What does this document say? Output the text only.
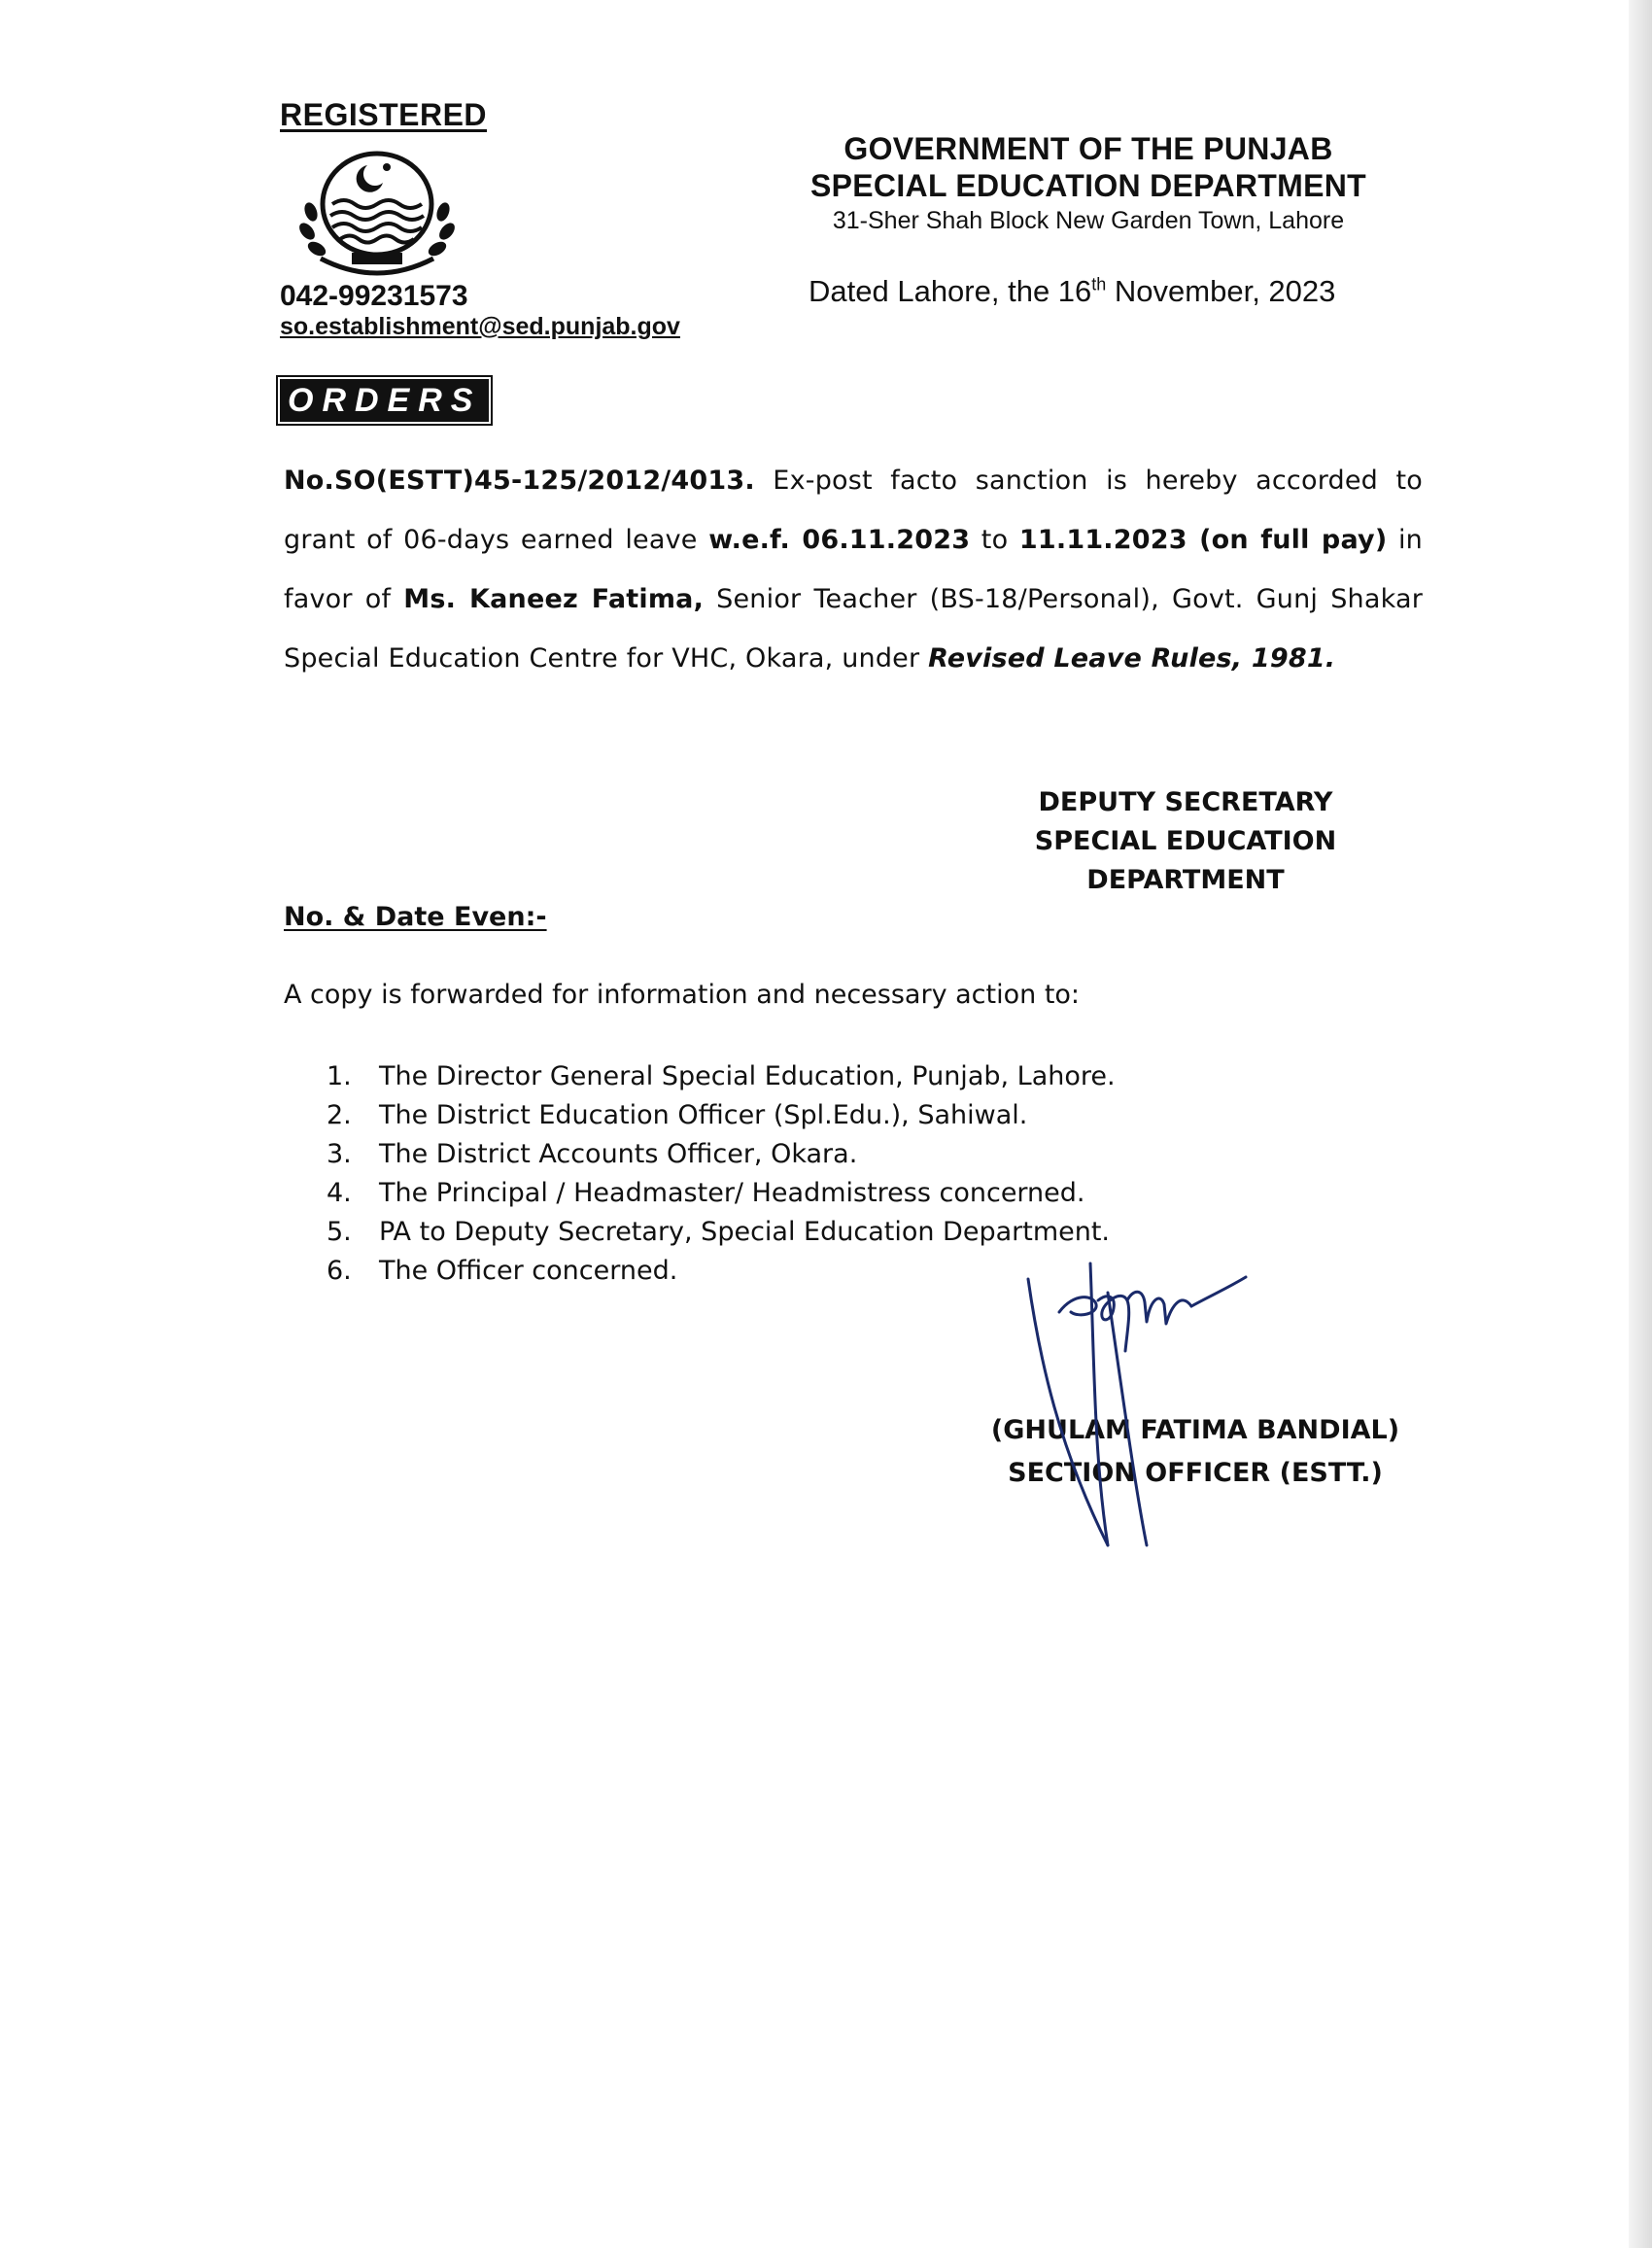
REGISTERED
042-99231573
so.establishment@sed.punjab.gov
GOVERNMENT OF THE PUNJAB
SPECIAL EDUCATION DEPARTMENT
31-Sher Shah Block New Garden Town, Lahore
Dated Lahore, the 16th November, 2023
ORDERS
No.SO(ESTT)45-125/2012/4013. Ex-post facto sanction is hereby accorded to grant of 06-days earned leave w.e.f. 06.11.2023 to 11.11.2023 (on full pay) in favor of Ms. Kaneez Fatima, Senior Teacher (BS-18/Personal), Govt. Gunj Shakar Special Education Centre for VHC, Okara, under Revised Leave Rules, 1981.
DEPUTY SECRETARY
SPECIAL EDUCATION
DEPARTMENT
No. & Date Even:-
A copy is forwarded for information and necessary action to:
1.	The Director General Special Education, Punjab, Lahore.
2.	The District Education Officer (Spl.Edu.), Sahiwal.
3.	The District Accounts Officer, Okara.
4.	The Principal / Headmaster/ Headmistress concerned.
5.	PA to Deputy Secretary, Special Education Department.
6.	The Officer concerned.
(GHULAM FATIMA BANDIAL)
SECTION OFFICER (ESTT.)
